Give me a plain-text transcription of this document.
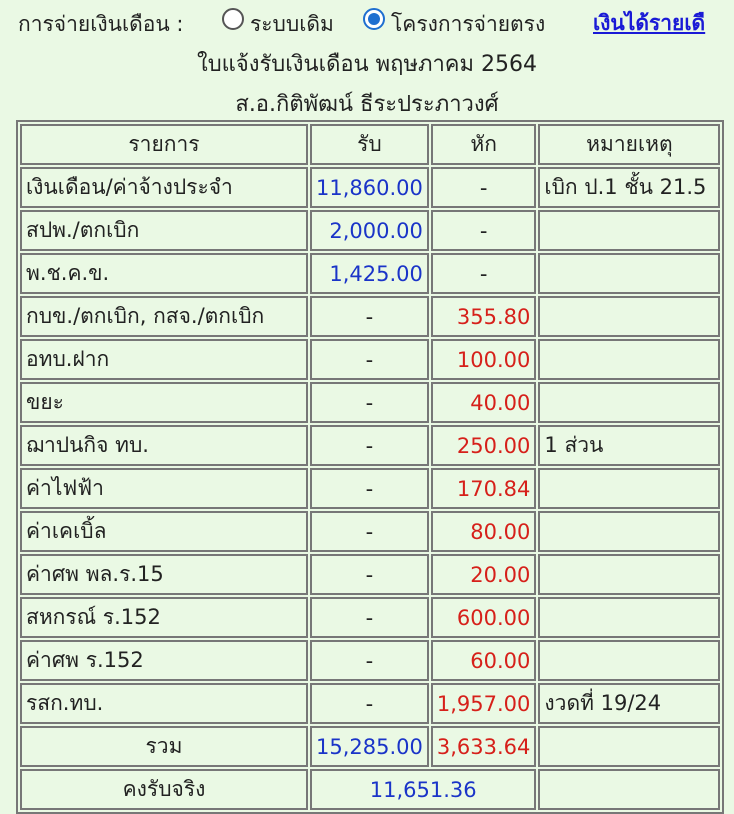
การจ่ายเงินเดือน :	ระบบเดิม	โครงการจ่ายตรง เงินได้รายเดื
ใบแจ้งรับเงินเดือน พฤษภาคม 2564
ส.อ.กิติพัฒน์ ธีระประภาวงศ์
รายการ	รับ	หัก	หมายเหตุ
เงินเดือน/ค่าจ้างประจำ	11,860.00	-	เบิก ป.1 ชั้น 21.5
สปพ./ตกเบิก	2,000.00	-	
พ.ช.ค.ข.	1,425.00	-	
กบข./ตกเบิก, กสจ./ตกเบิก	-	355.80	
อทบ.ฝาก	-	100.00	
ขยะ	-	40.00	
ฌาปนกิจ ทบ.	-	250.00	1 ส่วน
ค่าไฟฟ้า	-	170.84	
ค่าเคเบิ้ล	-	80.00	
ค่าศพ พล.ร.15	-	20.00	
สหกรณ์ ร.152	-	600.00	
ค่าศพ ร.152	-	60.00	
รสก.ทบ.	-	1,957.00	งวดที่ 19/24
รวม	15,285.00	3,633.64	
คงรับจริง	11,651.36		
